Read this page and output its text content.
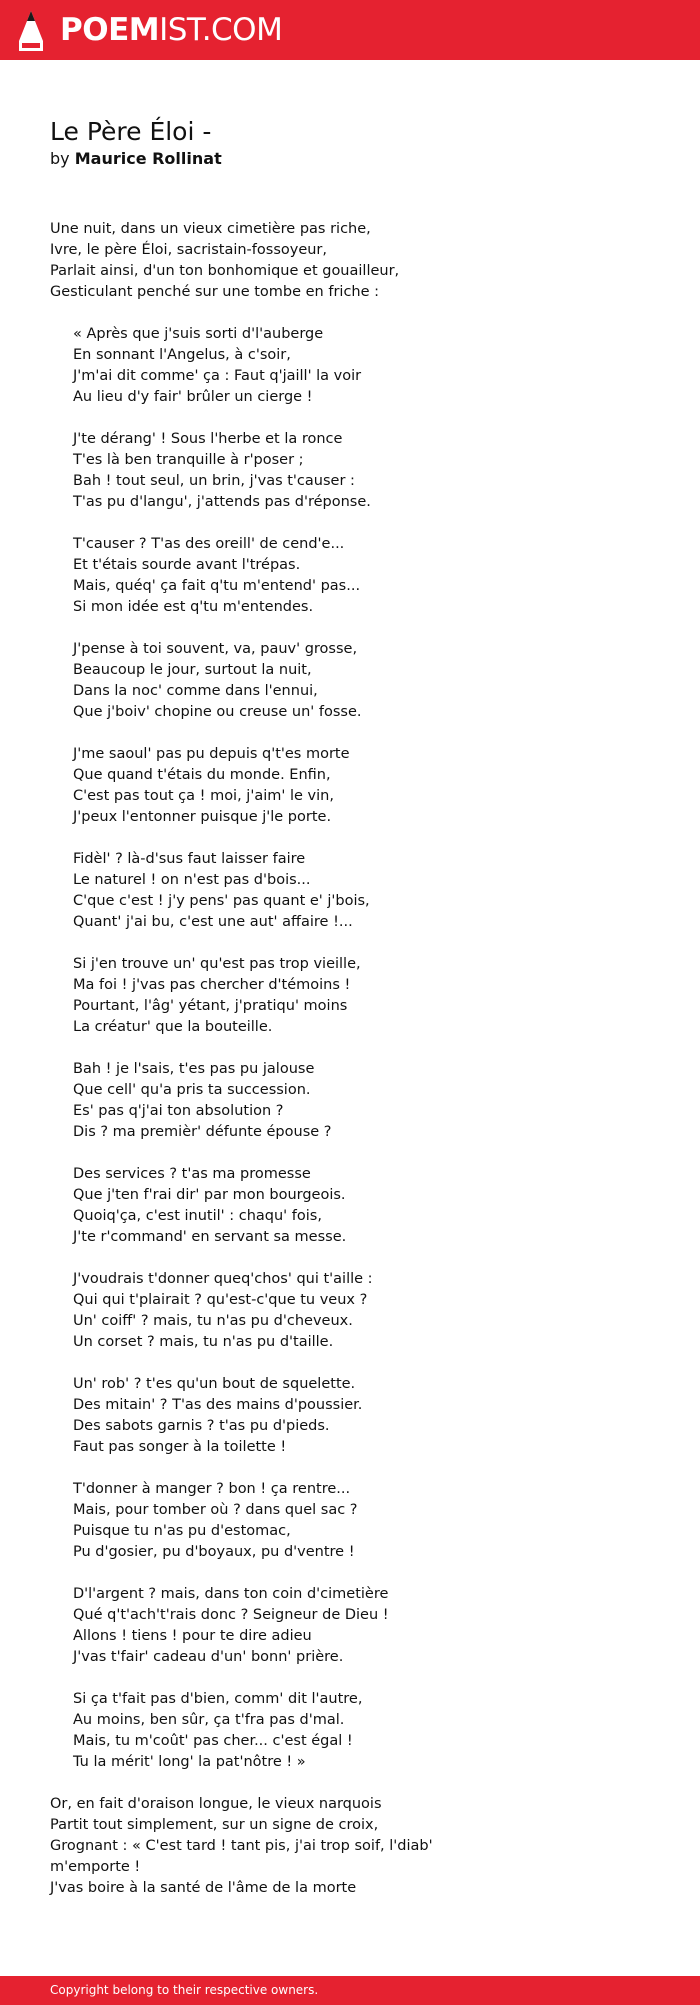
POEMIST.COM
Le Père Éloi -
by Maurice Rollinat

Une nuit, dans un vieux cimetière pas riche,
Ivre, le père Éloi, sacristain-fossoyeur,
Parlait ainsi, d'un ton bonhomique et gouailleur,
Gesticulant penché sur une tombe en friche :

« Après que j'suis sorti d'l'auberge
En sonnant l'Angelus, à c'soir,
J'm'ai dit comme' ça : Faut q'jaill' la voir
Au lieu d'y fair' brûler un cierge !

J'te dérang' ! Sous l'herbe et la ronce
T'es là ben tranquille à r'poser ;
Bah ! tout seul, un brin, j'vas t'causer :
T'as pu d'langu', j'attends pas d'réponse.

T'causer ? T'as des oreill' de cend'e...
Et t'étais sourde avant l'trépas.
Mais, quéq' ça fait q'tu m'entend' pas...
Si mon idée est q'tu m'entendes.

J'pense à toi souvent, va, pauv' grosse,
Beaucoup le jour, surtout la nuit,
Dans la noc' comme dans l'ennui,
Que j'boiv' chopine ou creuse un' fosse.

J'me saoul' pas pu depuis q't'es morte
Que quand t'étais du monde. Enfin,
C'est pas tout ça ! moi, j'aim' le vin,
J'peux l'entonner puisque j'le porte.

Fidèl' ? là-d'sus faut laisser faire
Le naturel ! on n'est pas d'bois...
C'que c'est ! j'y pens' pas quant e' j'bois,
Quant' j'ai bu, c'est une aut' affaire !...

Si j'en trouve un' qu'est pas trop vieille,
Ma foi ! j'vas pas chercher d'témoins !
Pourtant, l'âg' yétant, j'pratiqu' moins
La créatur' que la bouteille.

Bah ! je l'sais, t'es pas pu jalouse
Que cell' qu'a pris ta succession.
Es' pas q'j'ai ton absolution ?
Dis ? ma premièr' défunte épouse ?

Des services ? t'as ma promesse
Que j'ten f'rai dir' par mon bourgeois.
Quoiq'ça, c'est inutil' : chaqu' fois,
J'te r'command' en servant sa messe.

J'voudrais t'donner queq'chos' qui t'aille :
Qui qui t'plairait ? qu'est-c'que tu veux ?
Un' coiff' ? mais, tu n'as pu d'cheveux.
Un corset ? mais, tu n'as pu d'taille.

Un' rob' ? t'es qu'un bout de squelette.
Des mitain' ? T'as des mains d'poussier.
Des sabots garnis ? t'as pu d'pieds.
Faut pas songer à la toilette !

T'donner à manger ? bon ! ça rentre...
Mais, pour tomber où ? dans quel sac ?
Puisque tu n'as pu d'estomac,
Pu d'gosier, pu d'boyaux, pu d'ventre !

D'l'argent ? mais, dans ton coin d'cimetière
Qué q't'ach't'rais donc ? Seigneur de Dieu !
Allons ! tiens ! pour te dire adieu
J'vas t'fair' cadeau d'un' bonn' prière.

Si ça t'fait pas d'bien, comm' dit l'autre,
Au moins, ben sûr, ça t'fra pas d'mal.
Mais, tu m'coût' pas cher... c'est égal !
Tu la mérit' long' la pat'nôtre ! »

Or, en fait d'oraison longue, le vieux narquois
Partit tout simplement, sur un signe de croix,
Grognant : « C'est tard ! tant pis, j'ai trop soif, l'diab'
m'emporte !
J'vas boire à la santé de l'âme de la morte

Copyright belong to their respective owners.
